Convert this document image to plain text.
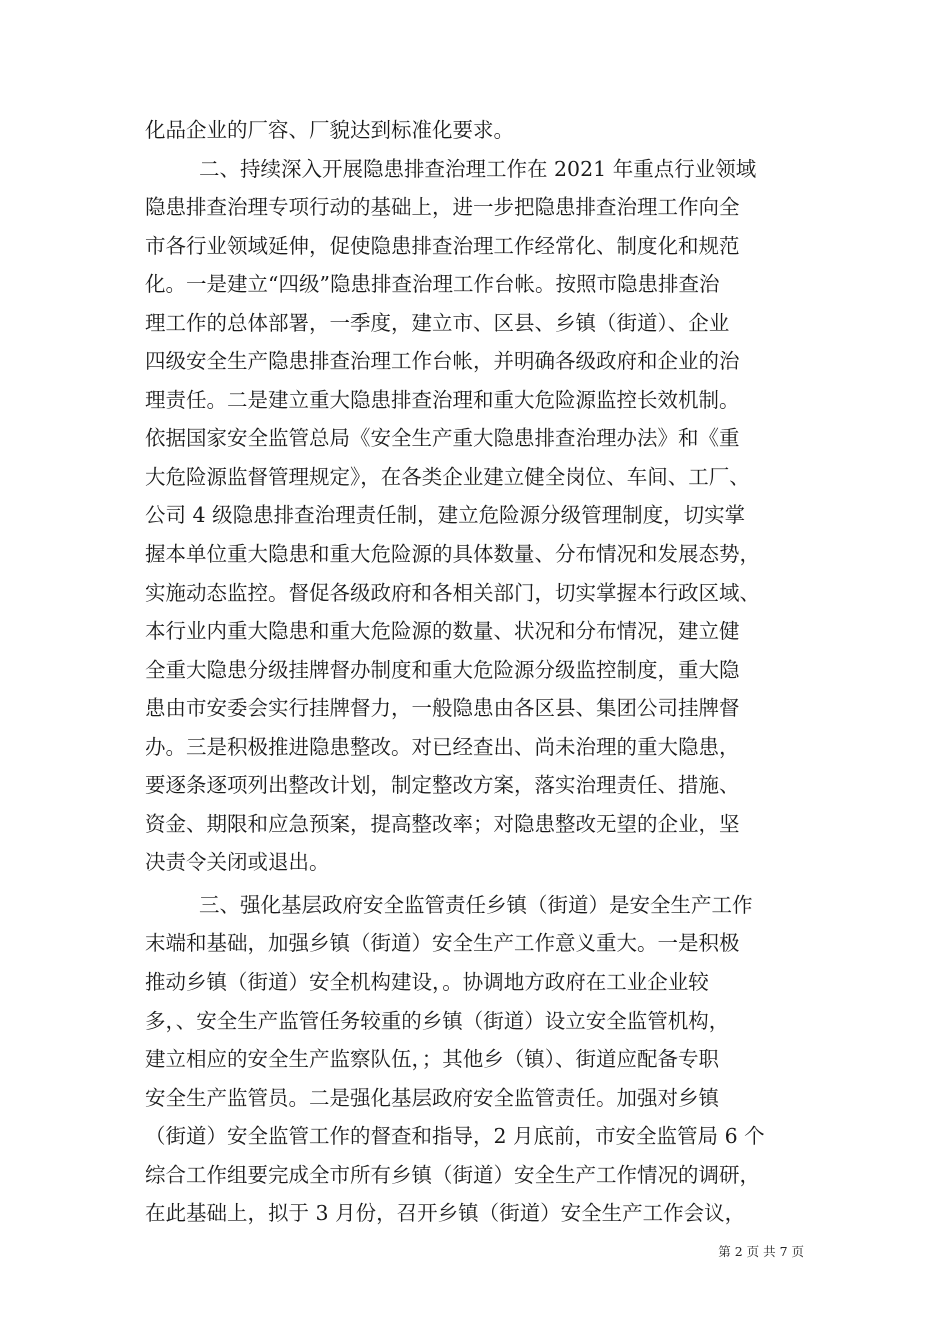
化品企业的厂容、厂貌达到标准化要求。
二、持续深入开展隐患排查治理工作在 2021 年重点行业领域
隐患排查治理专项行动的基础上，进一步把隐患排查治理工作向全
市各行业领域延伸，促使隐患排查治理工作经常化、制度化和规范
化。一是建立“四级”隐患排查治理工作台帐。按照市隐患排查治
理工作的总体部署，一季度，建立市、区县、乡镇（街道）、企业
四级安全生产隐患排查治理工作台帐，并明确各级政府和企业的治
理责任。二是建立重大隐患排查治理和重大危险源监控长效机制。
依据国家安全监管总局《安全生产重大隐患排查治理办法》和《重
大危险源监督管理规定》，在各类企业建立健全岗位、车间、工厂、
公司 4 级隐患排查治理责任制，建立危险源分级管理制度，切实掌
握本单位重大隐患和重大危险源的具体数量、分布情况和发展态势，
实施动态监控。督促各级政府和各相关部门，切实掌握本行政区域、
本行业内重大隐患和重大危险源的数量、状况和分布情况，建立健
全重大隐患分级挂牌督办制度和重大危险源分级监控制度，重大隐
患由市安委会实行挂牌督力，一般隐患由各区县、集团公司挂牌督
办。三是积极推进隐患整改。对已经查出、尚未治理的重大隐患，
要逐条逐项列出整改计划，制定整改方案，落实治理责任、措施、
资金、期限和应急预案，提高整改率；对隐患整改无望的企业，坚
决责令关闭或退出。
三、强化基层政府安全监管责任乡镇（街道）是安全生产工作
末端和基础，加强乡镇（街道）安全生产工作意义重大。一是积极
推动乡镇（街道）安全机构建设，。协调地方政府在工业企业较
多，、安全生产监管任务较重的乡镇（街道）设立安全监管机构，
建立相应的安全生产监察队伍，；其他乡（镇）、街道应配备专职
安全生产监管员。二是强化基层政府安全监管责任。加强对乡镇
（街道）安全监管工作的督查和指导，2 月底前，市安全监管局 6 个
综合工作组要完成全市所有乡镇（街道）安全生产工作情况的调研，
在此基础上，拟于 3 月份，召开乡镇（街道）安全生产工作会议，
第 2 页 共 7 页
